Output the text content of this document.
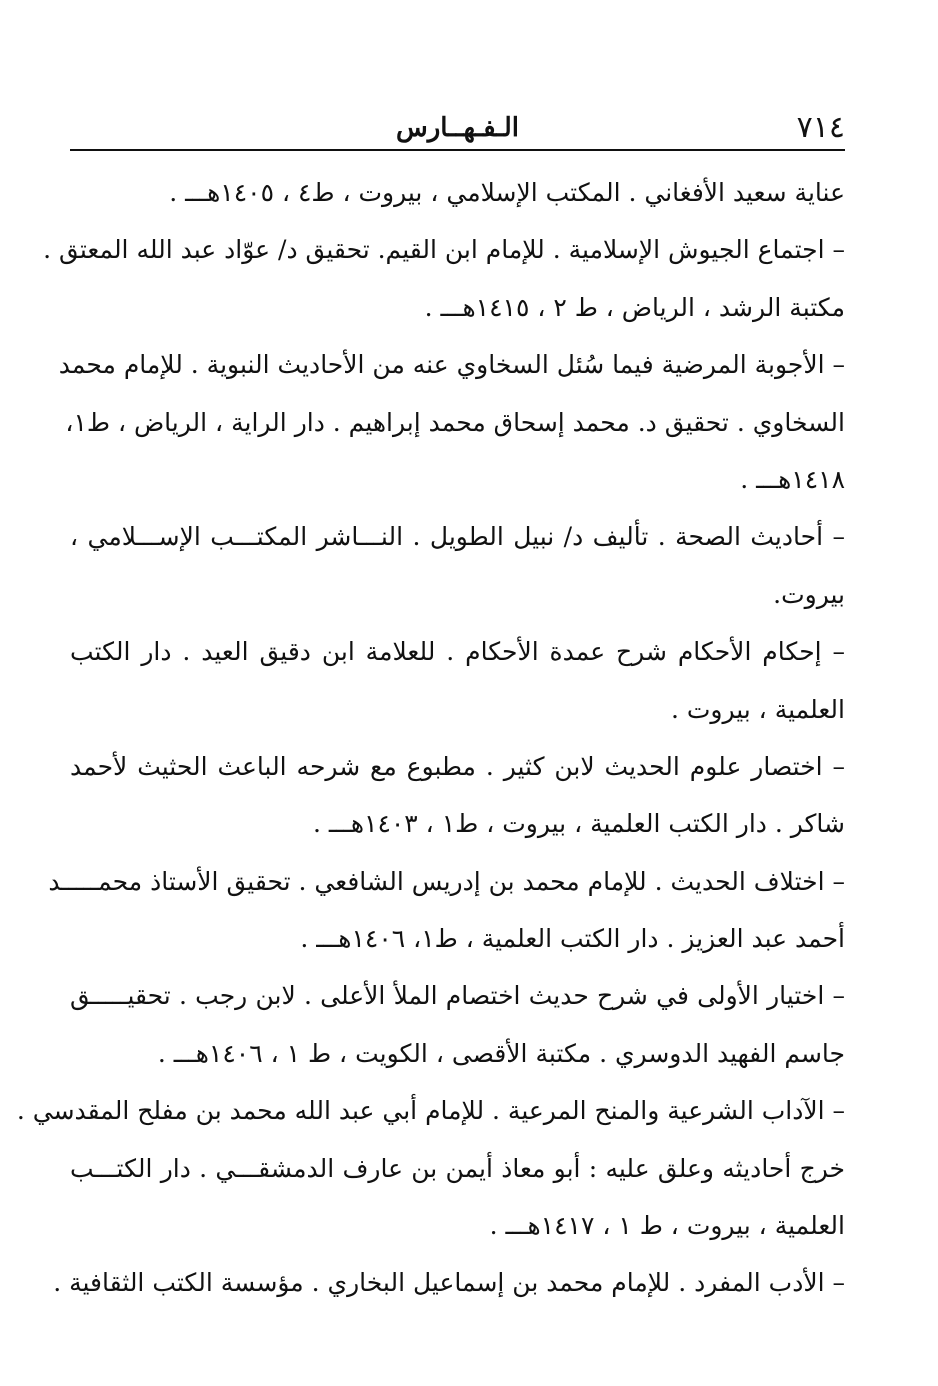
٧١٤
الـفـهــارس
عناية سعيد الأفغاني . المكتب الإسلامي ، بيروت ، ط٤ ، ١٤٠٥هـــ .
– اجتماع الجيوش الإسلامية . للإمام ابن القيم. تحقيق د/ عوّاد عبد الله المعتق .
مكتبة الرشد ، الرياض ، ط ٢ ، ١٤١٥هـــ .
– الأجوبة المرضية فيما سُئل السخاوي عنه من الأحاديث النبوية . للإمام محمد
السخاوي . تحقيق د. محمد إسحاق محمد إبراهيم . دار الراية ، الرياض ، ط١،
١٤١٨هـــ .
– أحاديث الصحة . تأليف د/ نبيل الطويل . النـــاشر المكتـــب الإســـلامي ،
بيروت.
– إحكام الأحكام شرح عمدة الأحكام . للعلامة ابن دقيق العيد . دار الكتب
العلمية ، بيروت .
– اختصار علوم الحديث لابن كثير . مطبوع مع شرحه الباعث الحثيث لأحمد
شاكر . دار الكتب العلمية ، بيروت ، ط١ ، ١٤٠٣هـــ .
– اختلاف الحديث . للإمام محمد بن إدريس الشافعي . تحقيق الأستاذ محمـــــد
أحمد عبد العزيز . دار الكتب العلمية ، ط١، ١٤٠٦هـــ .
– اختيار الأولى في شرح حديث اختصام الملأ الأعلى . لابن رجب . تحقيـــــق
جاسم الفهيد الدوسري . مكتبة الأقصى ، الكويت ، ط ١ ، ١٤٠٦هـــ .
– الآداب الشرعية والمنح المرعية . للإمام أبي عبد الله محمد بن مفلح المقدسي .
خرج أحاديثه وعلق عليه : أبو معاذ أيمن بن عارف الدمشقـــي . دار الكتـــب
العلمية ، بيروت ، ط ١ ، ١٤١٧هـــ .
– الأدب المفرد . للإمام محمد بن إسماعيل البخاري . مؤسسة الكتب الثقافية .
